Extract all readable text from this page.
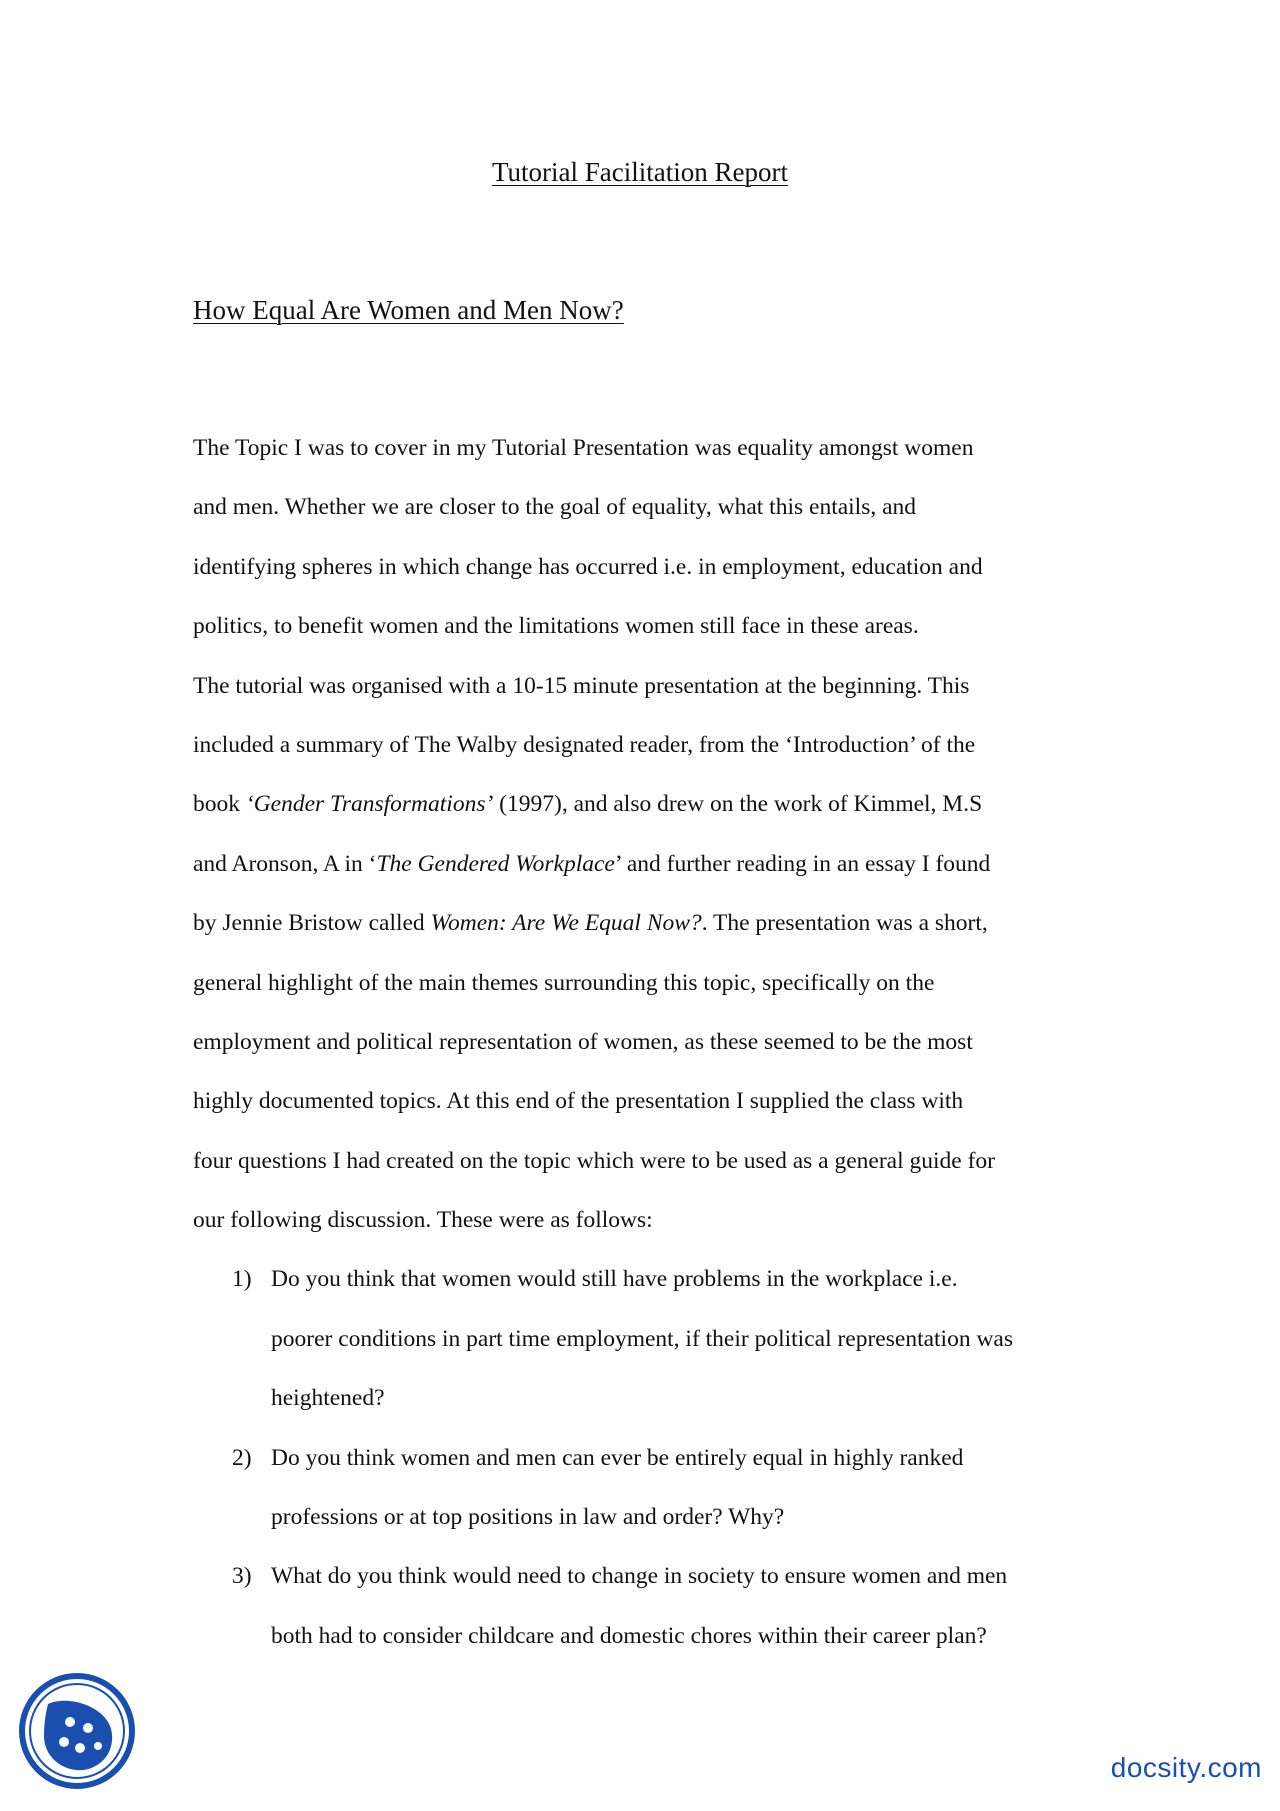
Tutorial Facilitation Report
How Equal Are Women and Men Now?
The Topic I was to cover in my Tutorial Presentation was equality amongst women
and men. Whether we are closer to the goal of equality, what this entails, and
identifying spheres in which change has occurred i.e. in employment, education and
politics, to benefit women and the limitations women still face in these areas.
The tutorial was organised with a 10-15 minute presentation at the beginning. This
included a summary of The Walby designated reader, from the ‘Introduction’ of the
book ‘Gender Transformations’ (1997), and also drew on the work of Kimmel, M.S
and Aronson, A in ‘The Gendered Workplace’ and further reading in an essay I found
by Jennie Bristow called Women: Are We Equal Now?. The presentation was a short,
general highlight of the main themes surrounding this topic, specifically on the
employment and political representation of women, as these seemed to be the most
highly documented topics. At this end of the presentation I supplied the class with
four questions I had created on the topic which were to be used as a general guide for
our following discussion. These were as follows:
1) Do you think that women would still have problems in the workplace i.e.
poorer conditions in part time employment, if their political representation was
heightened?
2) Do you think women and men can ever be entirely equal in highly ranked
professions or at top positions in law and order? Why?
3) What do you think would need to change in society to ensure women and men
both had to consider childcare and domestic chores within their career plan?
docsity.com
